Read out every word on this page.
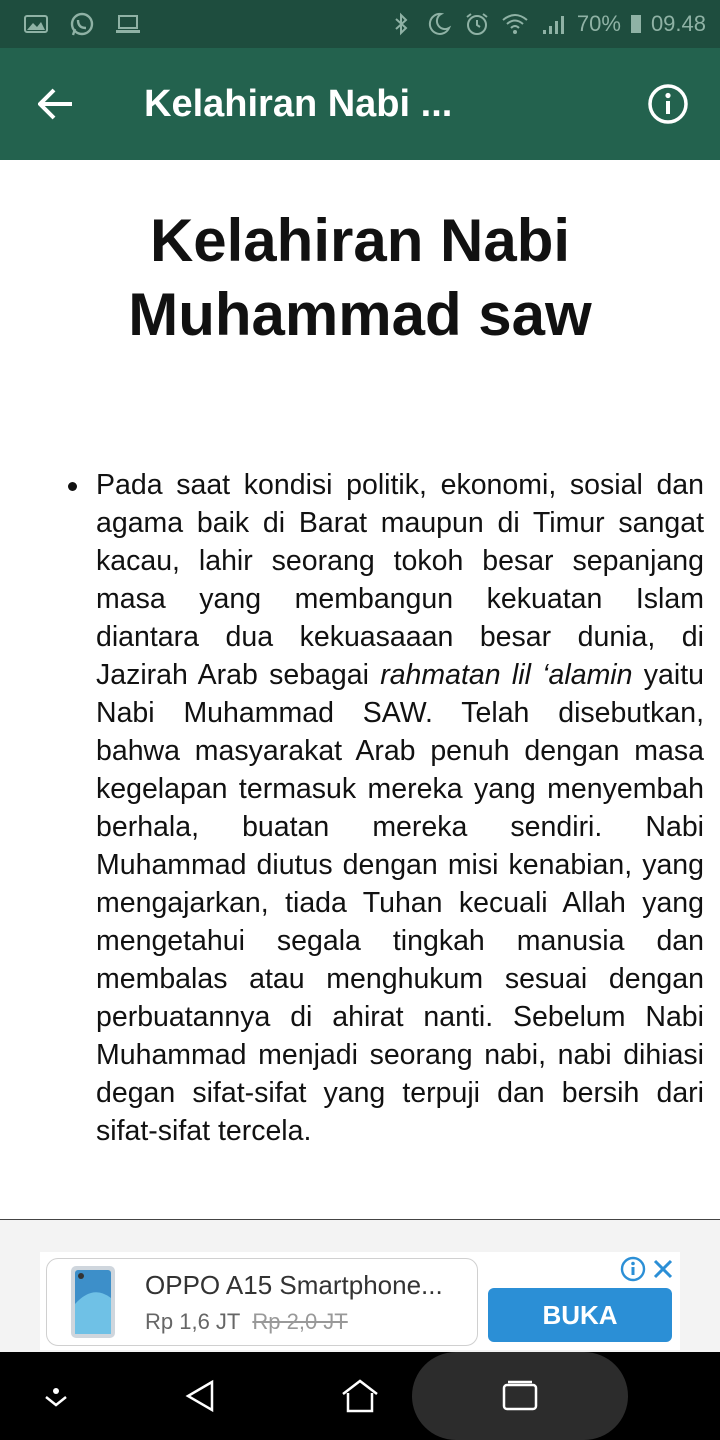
70% 09.48
Kelahiran Nabi ...
Kelahiran Nabi Muhammad saw
Pada saat kondisi politik, ekonomi, sosial dan agama baik di Barat maupun di Timur sangat kacau, lahir seorang tokoh besar sepanjang masa yang membangun kekuatan Islam diantara dua kekuasaaan besar dunia, di Jazirah Arab sebagai rahmatan lil ‘alamin yaitu Nabi Muhammad SAW. Telah disebutkan, bahwa masyarakat Arab penuh dengan masa kegelapan termasuk mereka yang menyembah berhala, buatan mereka sendiri. Nabi Muhammad diutus dengan misi kenabian, yang mengajarkan, tiada Tuhan kecuali Allah yang mengetahui segala tingkah manusia dan membalas atau menghukum sesuai dengan perbuatannya di ahirat nanti. Sebelum Nabi Muhammad menjadi seorang nabi, nabi dihiasi degan sifat-sifat yang terpuji dan bersih dari sifat-sifat tercela.
OPPO A15 Smartphone...
Rp 1,6 JT Rp 2,0 JT	BUKA
